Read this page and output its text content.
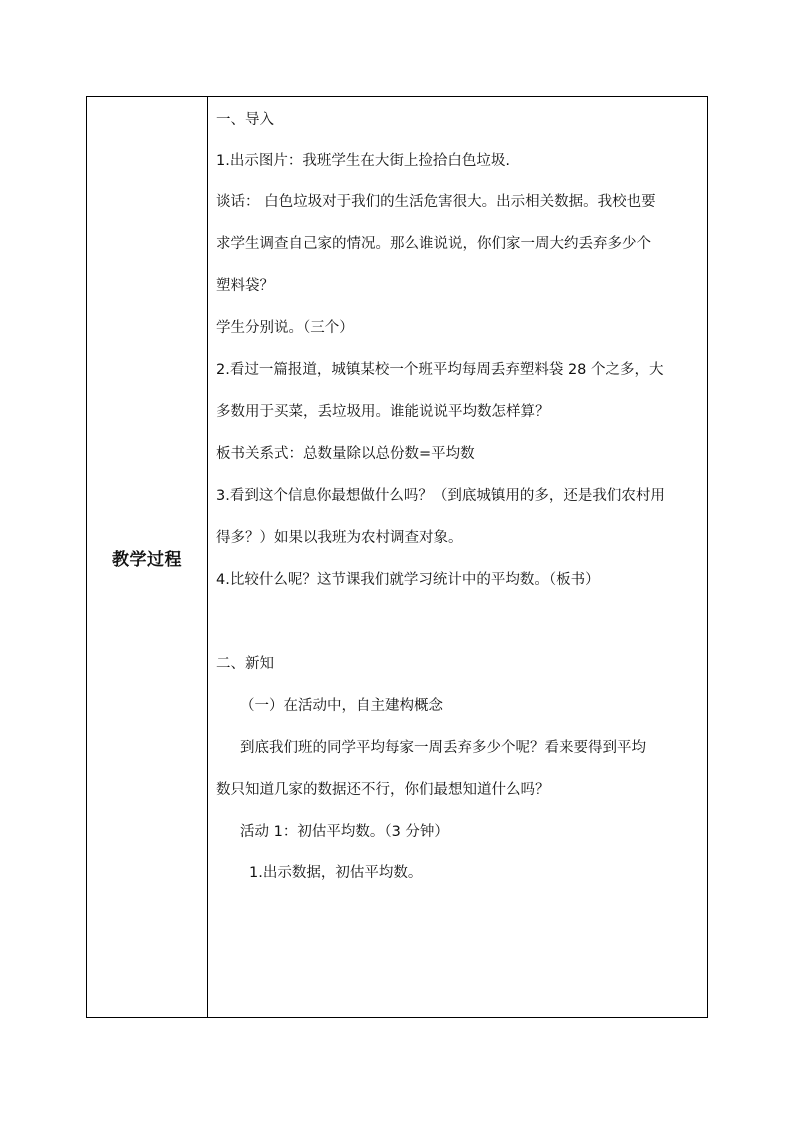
教学过程
一、导入
1.出示图片：我班学生在大街上捡拾白色垃圾.
谈话： 白色垃圾对于我们的生活危害很大。出示相关数据。我校也要
求学生调查自己家的情况。那么谁说说，你们家一周大约丢弃多少个
塑料袋？
学生分别说。（三个）
2.看过一篇报道，城镇某校一个班平均每周丢弃塑料袋 28 个之多，大
多数用于买菜，丢垃圾用。谁能说说平均数怎样算？
板书关系式：总数量除以总份数=平均数
3.看到这个信息你最想做什么吗？（到底城镇用的多，还是我们农村用
得多？）如果以我班为农村调查对象。
4.比较什么呢？这节课我们就学习统计中的平均数。（板书）
二、新知
（一）在活动中，自主建构概念
到底我们班的同学平均每家一周丢弃多少个呢？看来要得到平均
数只知道几家的数据还不行，你们最想知道什么吗？
活动 1：初估平均数。（3 分钟）
1.出示数据，初估平均数。
